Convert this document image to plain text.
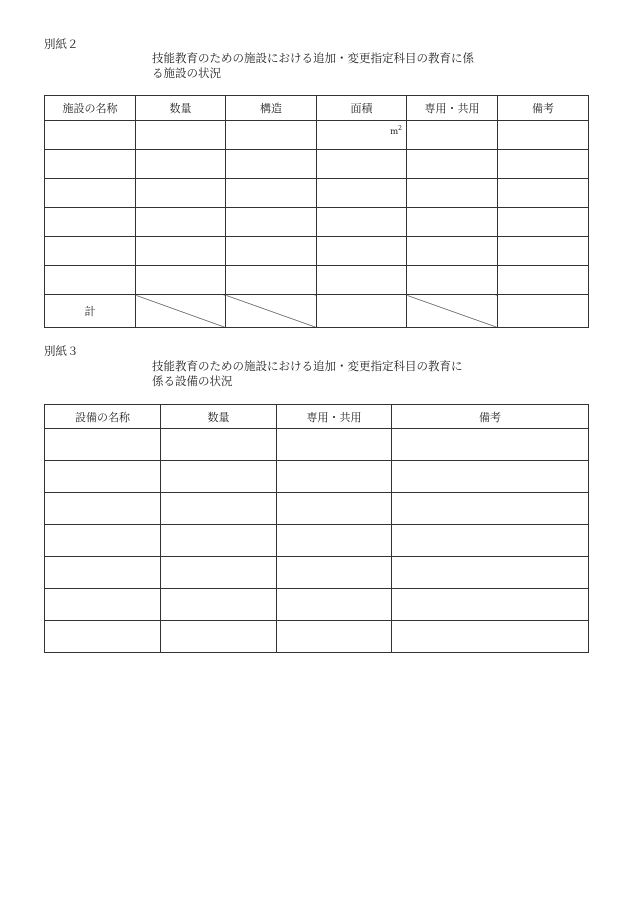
別紙２
技能教育のための施設における追加・変更指定科目の教育に係
る施設の状況
施設の名称	数量	構造	面積	専用・共用	備考

			$m^2$

計					
別紙３
技能教育のための施設における追加・変更指定科目の教育に
係る設備の状況
設備の名称	数量	専用・共用	備考
